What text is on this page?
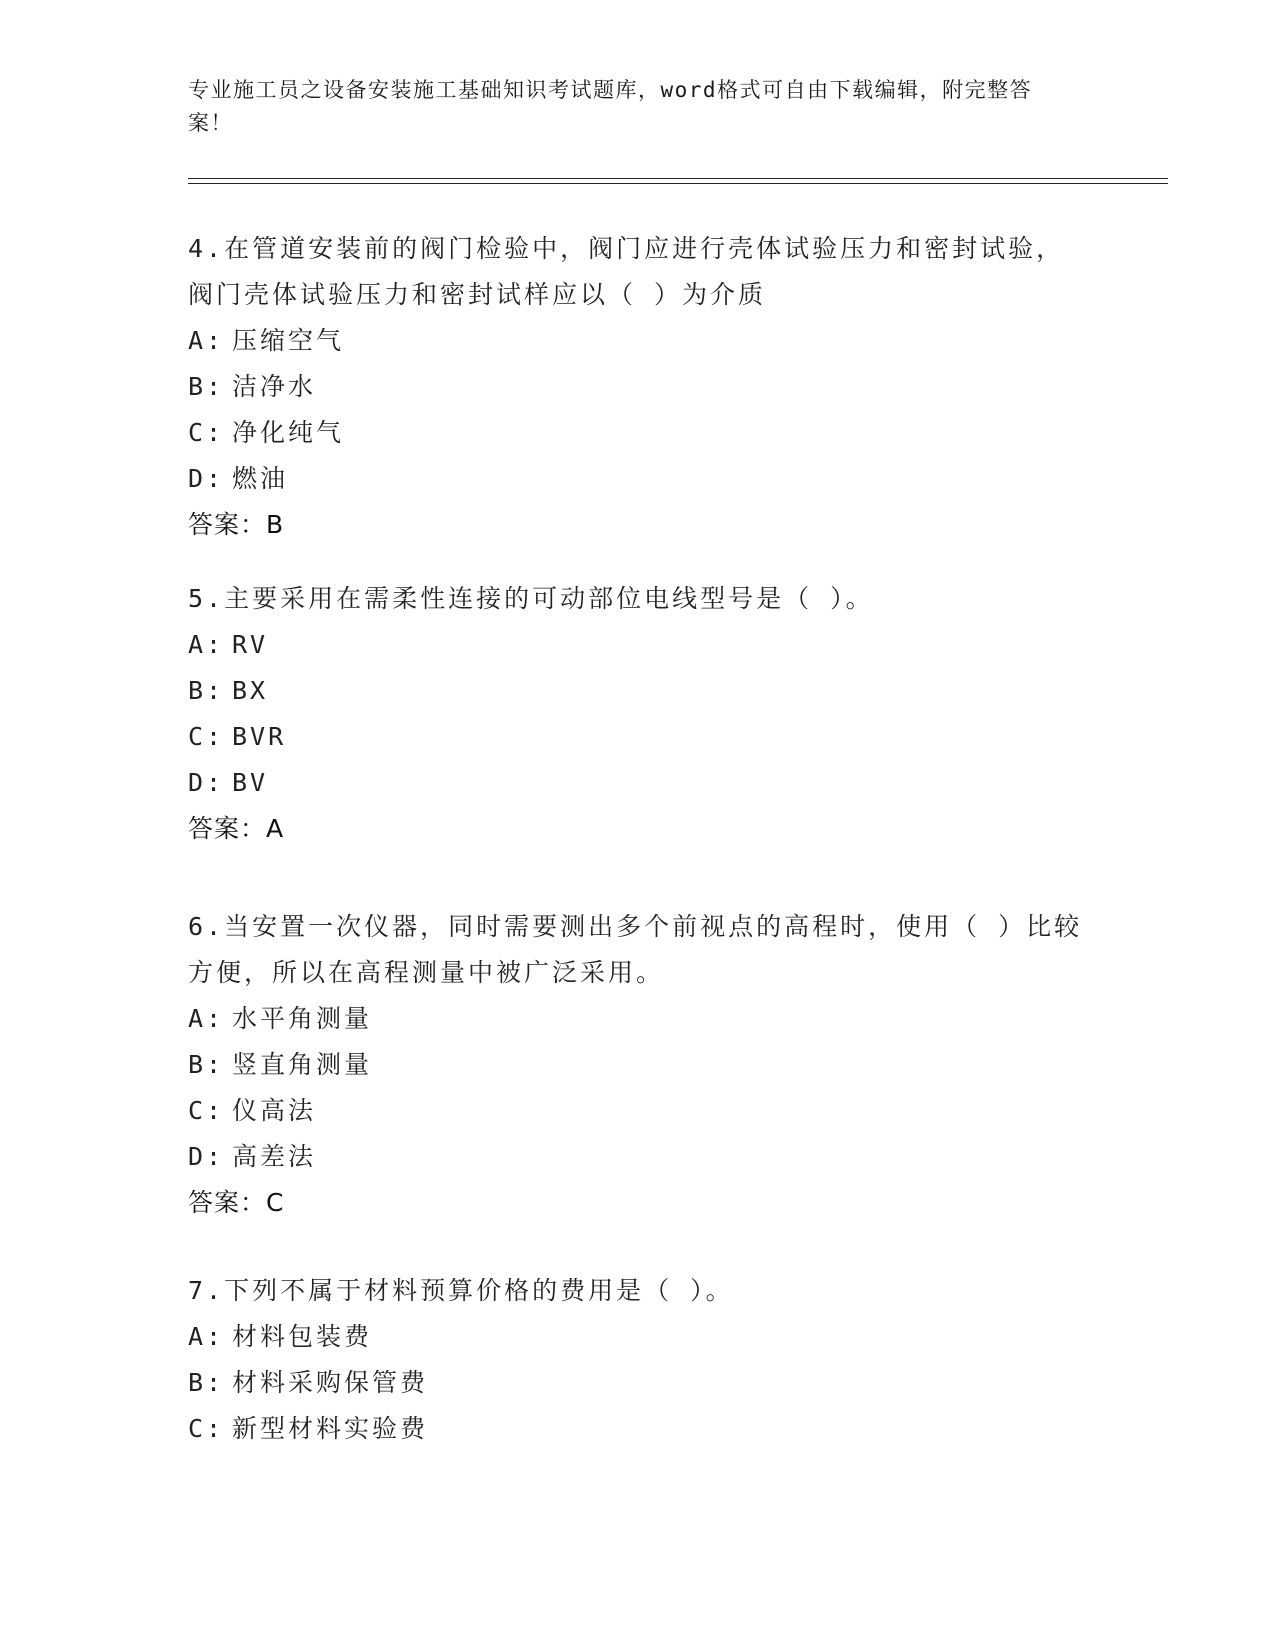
专业施工员之设备安装施工基础知识考试题库，word格式可自由下载编辑，附完整答案！

4.在管道安装前的阀门检验中，阀门应进行壳体试验压力和密封试验，阀门壳体试验压力和密封试样应以（ ）为介质

A: 压缩空气

B: 洁净水

C: 净化纯气

D: 燃油

答案：B

5.主要采用在需柔性连接的可动部位电线型号是（ ）。

A: RV

B: BX

C: BVR

D: BV

答案：A

6.当安置一次仪器，同时需要测出多个前视点的高程时，使用（ ）比较方便，所以在高程测量中被广泛采用。

A: 水平角测量

B: 竖直角测量

C: 仪高法

D: 高差法

答案：C

7.下列不属于材料预算价格的费用是（ ）。

A: 材料包装费

B: 材料采购保管费

C: 新型材料实验费
